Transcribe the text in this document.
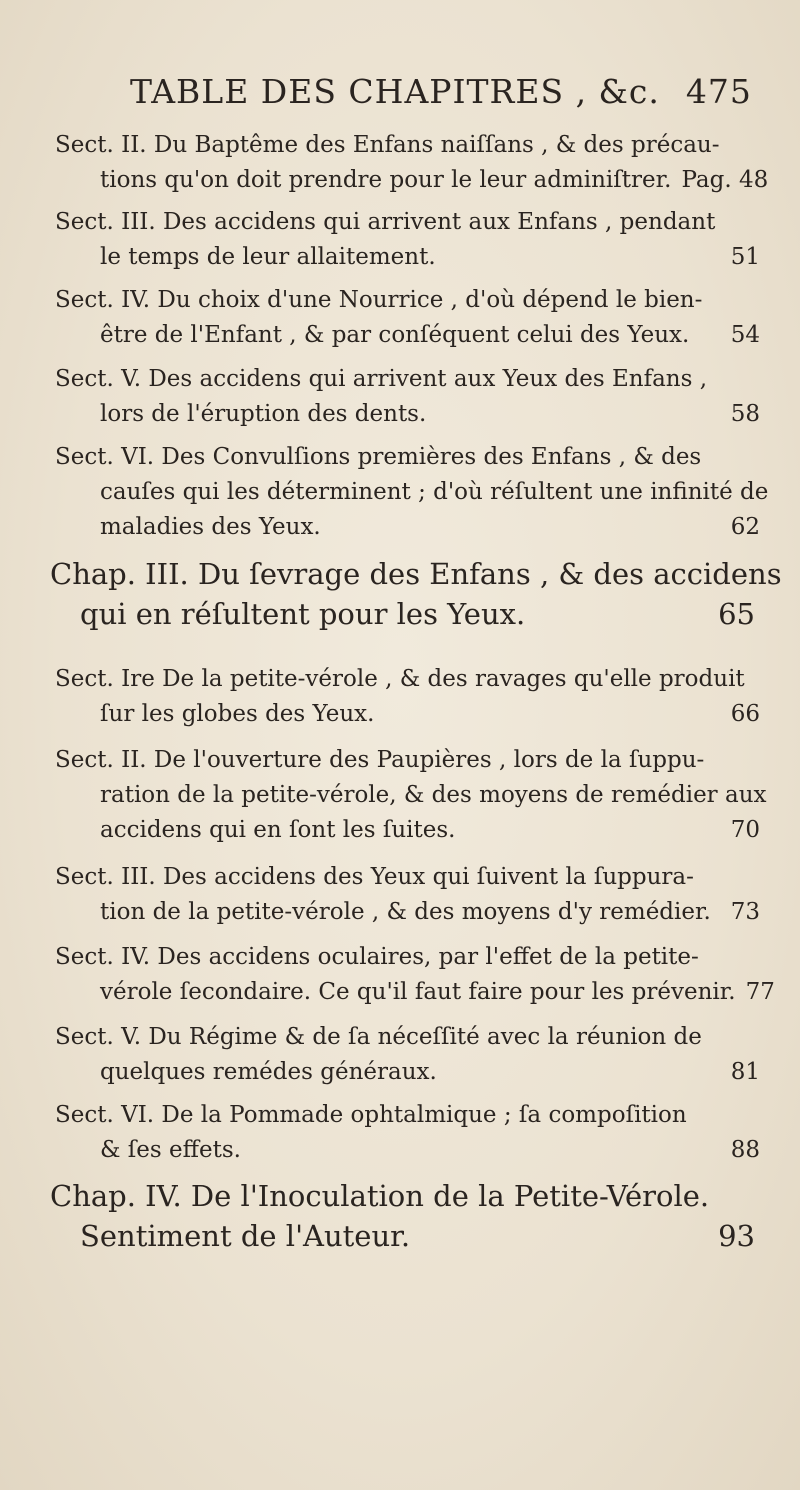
TABLE DES CHAPITRES , &c. 475
Sect. II. Du Baptême des Enfans naiſſans , & des précau-
tions qu'on doit prendre pour le leur adminiſtrer. Pag. 48
Sect. III. Des accidens qui arrivent aux Enfans , pendant
le temps de leur allaitement.	51
Sect. IV. Du choix d'une Nourrice , d'où dépend le bien-
être de l'Enfant , & par conſéquent celui des Yeux.	54
Sect. V. Des accidens qui arrivent aux Yeux des Enfans ,
lors de l'éruption des dents.	58
Sect. VI. Des Convulſions premières des Enfans , & des
cauſes qui les déterminent ; d'où réſultent une infinité de
maladies des Yeux.	62
Chap. III. Du ſevrage des Enfans , & des accidens
qui en réſultent pour les Yeux.	65
Sect. Ire De la petite-vérole , & des ravages qu'elle produit
ſur les globes des Yeux.	66
Sect. II. De l'ouverture des Paupières , lors de la ſuppu-
ration de la petite-vérole, & des moyens de remédier aux
accidens qui en ſont les ſuites.	70
Sect. III. Des accidens des Yeux qui ſuivent la ſuppura-
tion de la petite-vérole , & des moyens d'y remédier. 73
Sect. IV. Des accidens oculaires, par l'effet de la petite-
vérole ſecondaire. Ce qu'il faut faire pour les prévenir. 77
Sect. V. Du Régime & de ſa néceſſité avec la réunion de
quelques remédes généraux.	81
Sect. VI. De la Pommade ophtalmique ; ſa compoſition
& ſes effets.	88
Chap. IV. De l'Inoculation de la Petite-Vérole.
Sentiment de l'Auteur.	93
